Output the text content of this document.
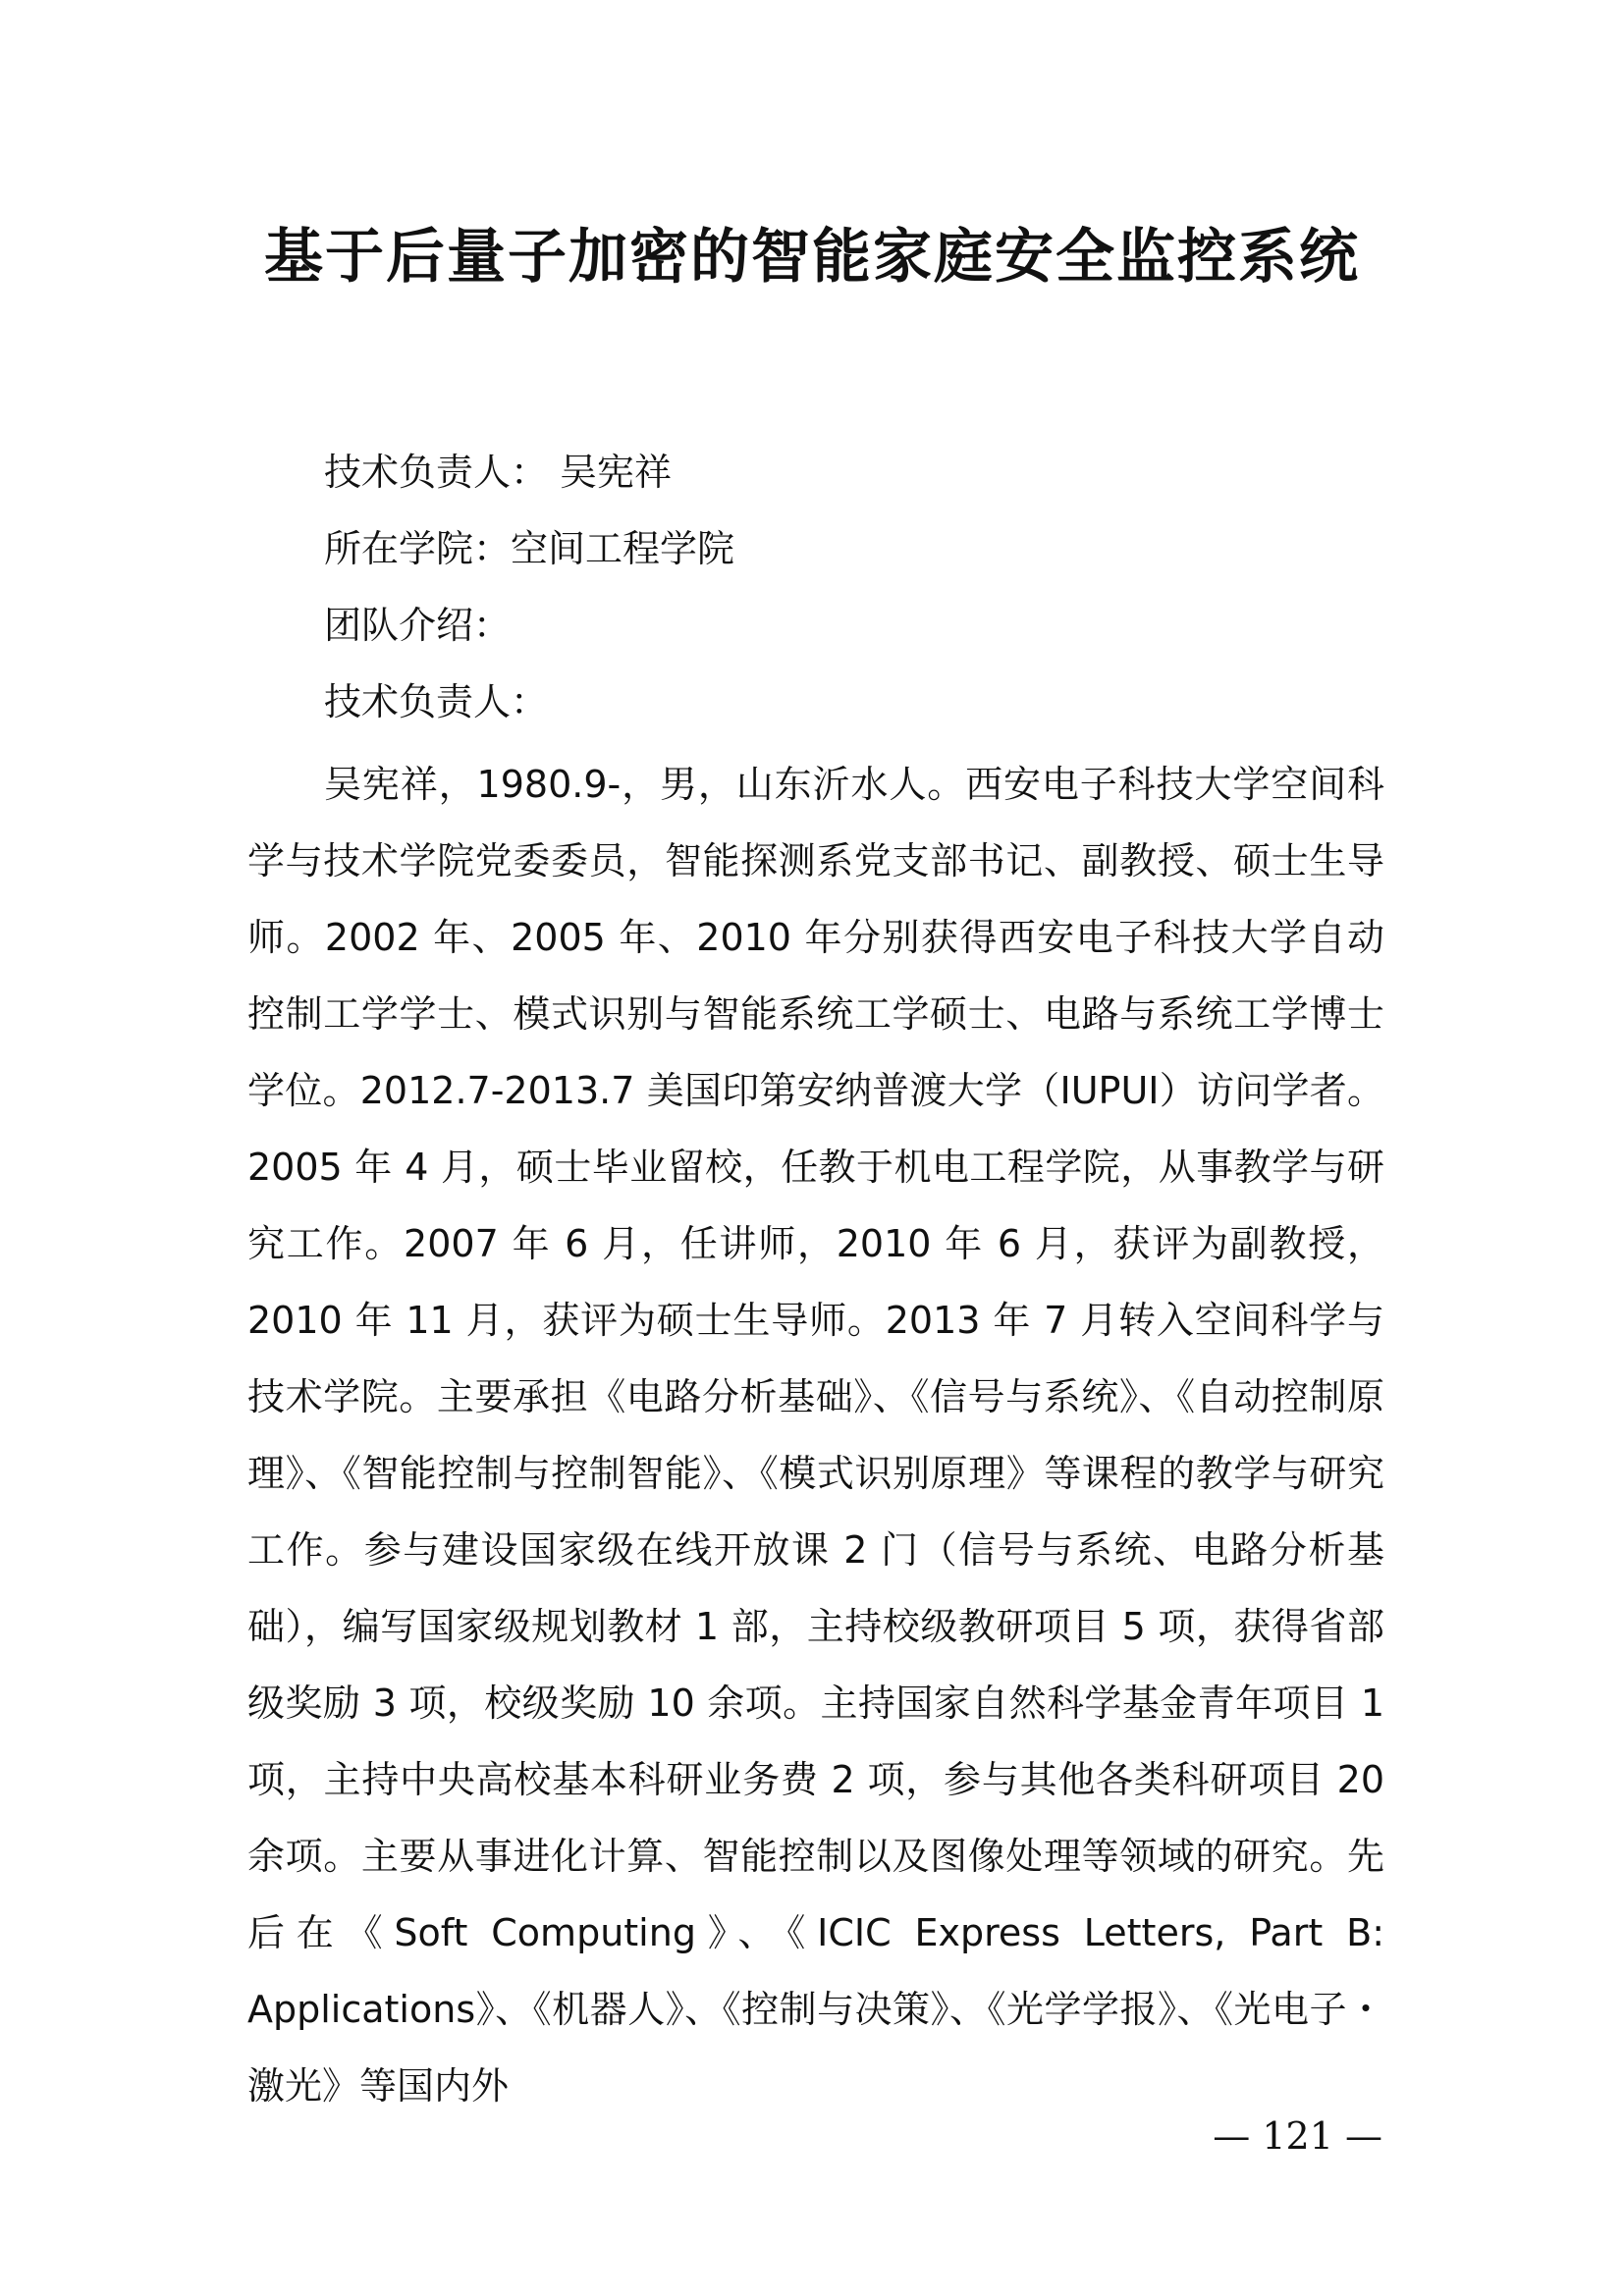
基于后量子加密的智能家庭安全监控系统

技术负责人： 吴宪祥

所在学院：空间工程学院

团队介绍：

技术负责人：

吴宪祥，1980.9-，男，山东沂水人。西安电子科技大学空间科学与技术学院党委委员，智能探测系党支部书记、副教授、硕士生导师。2002 年、2005 年、2010 年分别获得西安电子科技大学自动控制工学学士、模式识别与智能系统工学硕士、电路与系统工学博士学位。2012.7-2013.7 美国印第安纳普渡大学（IUPUI）访问学者。2005 年 4 月，硕士毕业留校，任教于机电工程学院，从事教学与研究工作。2007 年 6 月，任讲师，2010 年 6 月，获评为副教授，2010 年 11 月，获评为硕士生导师。2013 年 7 月转入空间科学与技术学院。主要承担《电路分析基础》、《信号与系统》、《自动控制原理》、《智能控制与控制智能》、《模式识别原理》等课程的教学与研究工作。参与建设国家级在线开放课 2 门（信号与系统、电路分析基础），编写国家级规划教材 1 部，主持校级教研项目 5 项，获得省部级奖励 3 项，校级奖励 10 余项。主持国家自然科学基金青年项目 1 项，主持中央高校基本科研业务费 2 项，参与其他各类科研项目 20 余项。主要从事进化计算、智能控制以及图像处理等领域的研究。先后在《Soft Computing》、《ICIC Express Letters, Part B: Applications》、《机器人》、《控制与决策》、《光学学报》、《光电子・激光》等国内外

— 121 —
